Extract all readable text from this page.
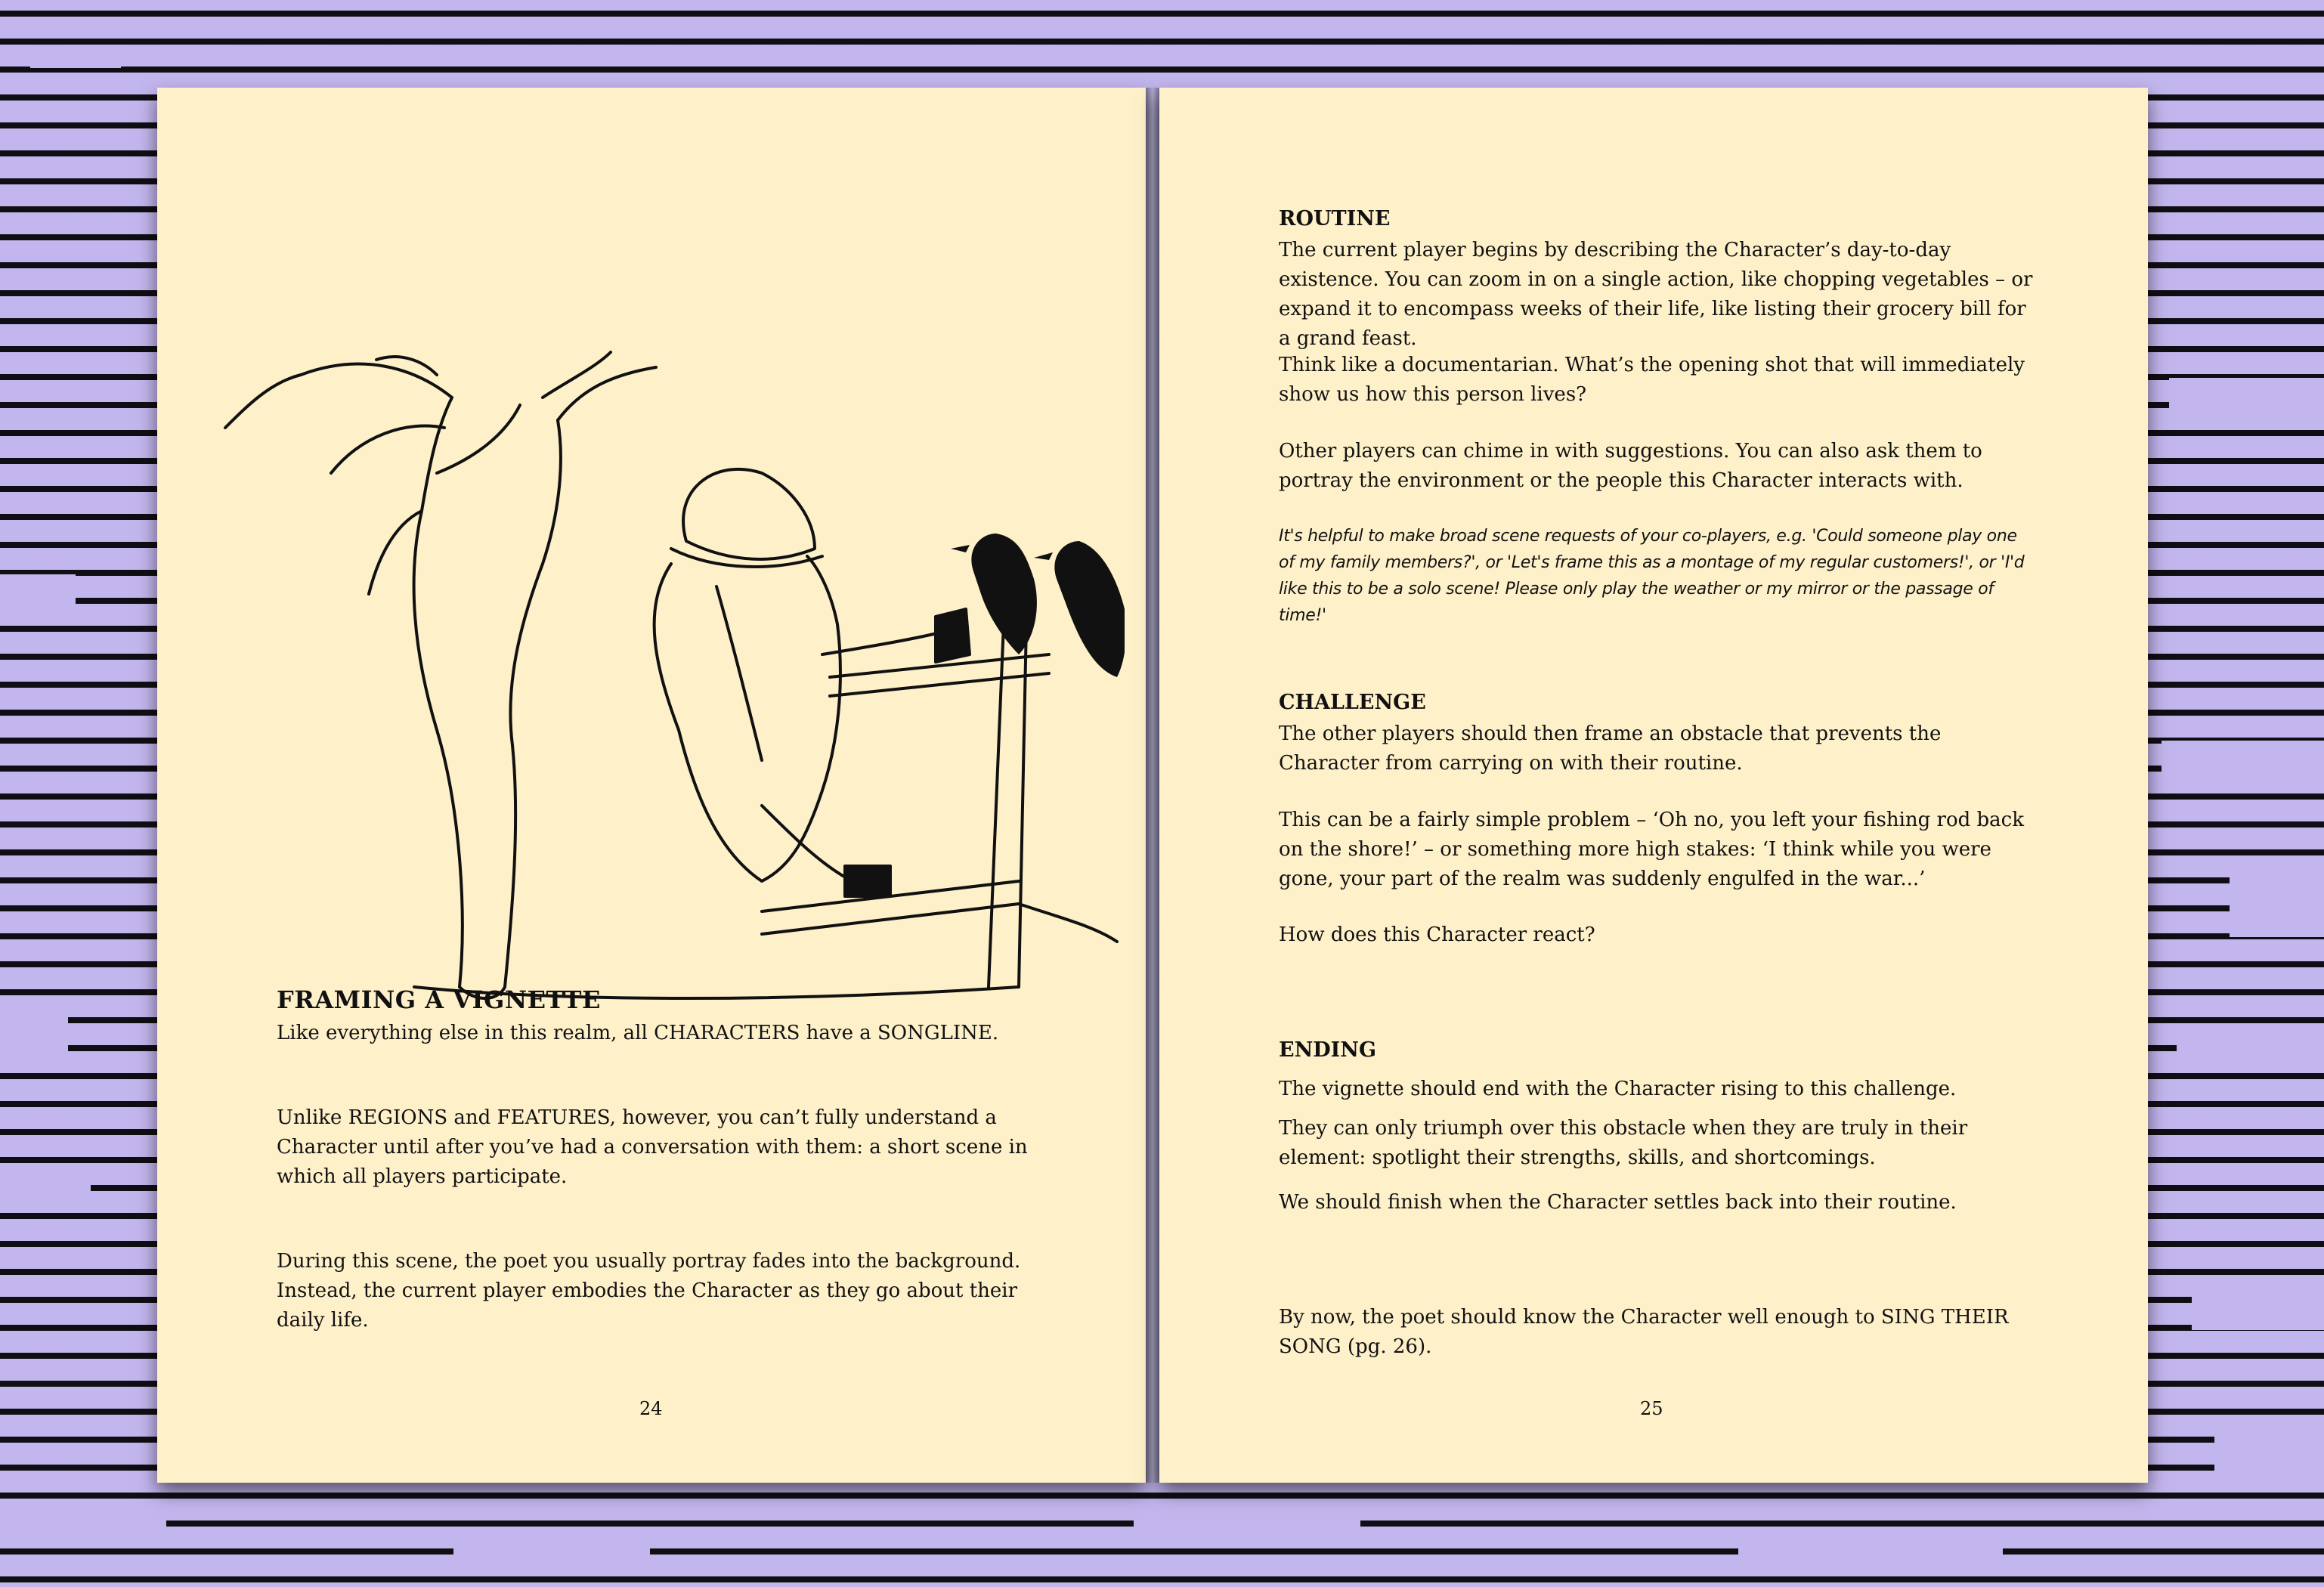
FRAMING A VIGNETTE

Like everything else in this realm, all CHARACTERS have a SONGLINE.

Unlike REGIONS and FEATURES, however, you can’t fully understand a Character until after you’ve had a conversation with them: a short scene in which all players participate.

During this scene, the poet you usually portray fades into the background. Instead, the current player embodies the Character as they go about their daily life.

24
ROUTINE

The current player begins by describing the Character’s day-to-day existence. You can zoom in on a single action, like chopping vegetables – or expand it to encompass weeks of their life, like listing their grocery bill for a grand feast.

Think like a documentarian. What’s the opening shot that will immediately show us how this person lives?

Other players can chime in with suggestions. You can also ask them to portray the environment or the people this Character interacts with.

It's helpful to make broad scene requests of your co-players, e.g. 'Could someone play one of my family members?', or 'Let's frame this as a montage of my regular customers!', or 'I'd like this to be a solo scene! Please only play the weather or my mirror or the passage of time!'

CHALLENGE

The other players should then frame an obstacle that prevents the Character from carrying on with their routine.

This can be a fairly simple problem – ‘Oh no, you left your fishing rod back on the shore!’ – or something more high stakes: ‘I think while you were gone, your part of the realm was suddenly engulfed in the war...’

How does this Character react?

ENDING

The vignette should end with the Character rising to this challenge.

They can only triumph over this obstacle when they are truly in their element: spotlight their strengths, skills, and shortcomings.

We should finish when the Character settles back into their routine.

By now, the poet should know the Character well enough to SING THEIR SONG (pg. 26).

25
